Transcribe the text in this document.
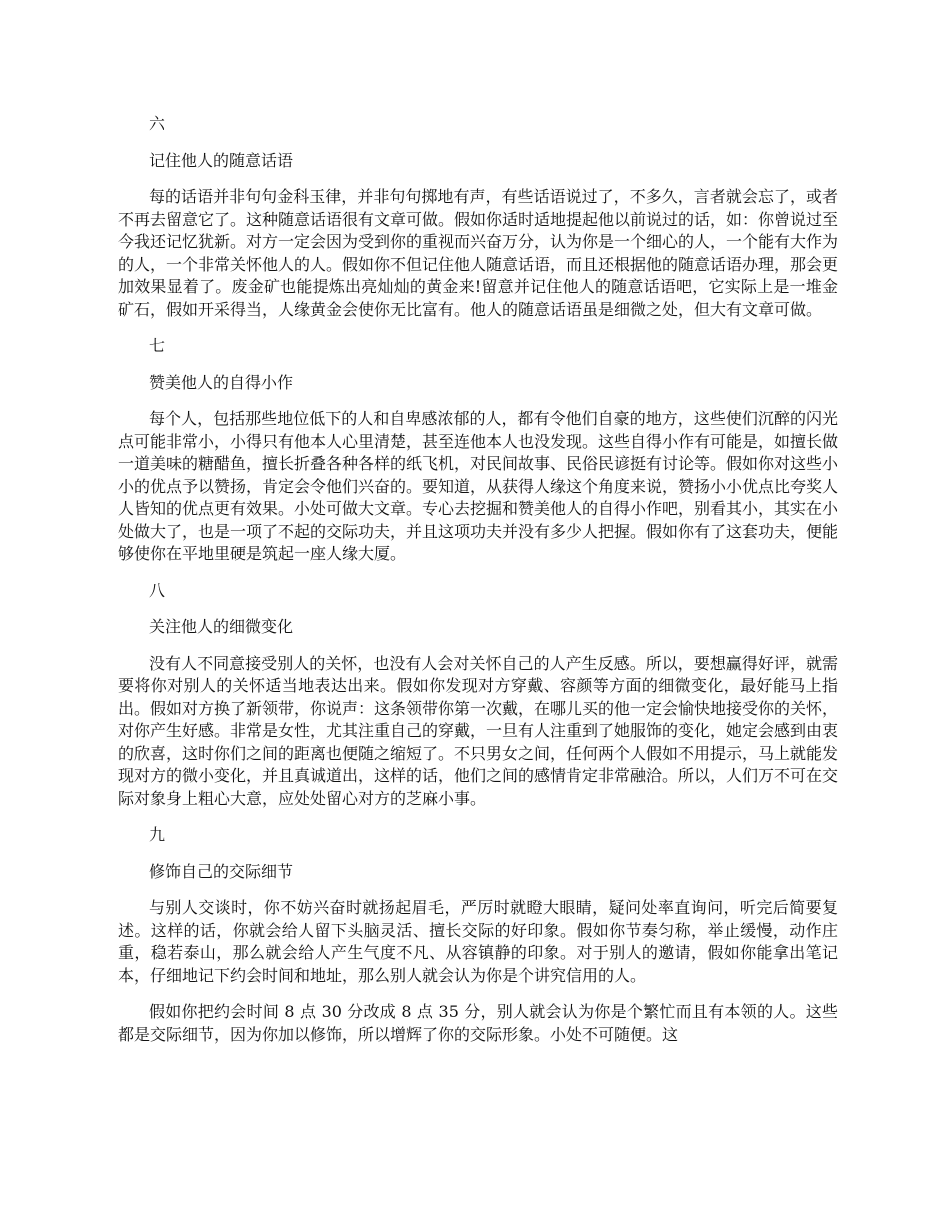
六

记住他人的随意话语

每的话语并非句句金科玉律，并非句句掷地有声，有些话语说过了，不多久，言者就会忘了，或者不再去留意它了。这种随意话语很有文章可做。假如你适时适地提起他以前说过的话，如：你曾说过至今我还记忆犹新。对方一定会因为受到你的重视而兴奋万分，认为你是一个细心的人，一个能有大作为的人，一个非常关怀他人的人。假如你不但记住他人随意话语，而且还根据他的随意话语办理，那会更加效果显着了。废金矿也能提炼出亮灿灿的黄金来!留意并记住他人的随意话语吧，它实际上是一堆金矿石，假如开采得当，人缘黄金会使你无比富有。他人的随意话语虽是细微之处，但大有文章可做。

七

赞美他人的自得小作

每个人，包括那些地位低下的人和自卑感浓郁的人，都有令他们自豪的地方，这些使们沉醉的闪光点可能非常小，小得只有他本人心里清楚，甚至连他本人也没发现。这些自得小作有可能是，如擅长做一道美味的糖醋鱼，擅长折叠各种各样的纸飞机，对民间故事、民俗民谚挺有讨论等。假如你对这些小小的优点予以赞扬，肯定会令他们兴奋的。要知道，从获得人缘这个角度来说，赞扬小小优点比夸奖人人皆知的优点更有效果。小处可做大文章。专心去挖掘和赞美他人的自得小作吧，别看其小，其实在小处做大了，也是一项了不起的交际功夫，并且这项功夫并没有多少人把握。假如你有了这套功夫，便能够使你在平地里硬是筑起一座人缘大厦。

八

关注他人的细微变化

没有人不同意接受别人的关怀，也没有人会对关怀自己的人产生反感。所以，要想赢得好评，就需要将你对别人的关怀适当地表达出来。假如你发现对方穿戴、容颜等方面的细微变化，最好能马上指出。假如对方换了新领带，你说声：这条领带你第一次戴，在哪儿买的他一定会愉快地接受你的关怀，对你产生好感。非常是女性，尤其注重自己的穿戴，一旦有人注重到了她服饰的变化，她定会感到由衷的欣喜，这时你们之间的距离也便随之缩短了。不只男女之间，任何两个人假如不用提示，马上就能发现对方的微小变化，并且真诚道出，这样的话，他们之间的感情肯定非常融洽。所以，人们万不可在交际对象身上粗心大意，应处处留心对方的芝麻小事。

九

修饰自己的交际细节

与别人交谈时，你不妨兴奋时就扬起眉毛，严厉时就瞪大眼睛，疑问处率直询问，听完后简要复述。这样的话，你就会给人留下头脑灵活、擅长交际的好印象。假如你节奏匀称，举止缓慢，动作庄重，稳若泰山，那么就会给人产生气度不凡、从容镇静的印象。对于别人的邀请，假如你能拿出笔记本，仔细地记下约会时间和地址，那么别人就会认为你是个讲究信用的人。

假如你把约会时间 8 点 30 分改成 8 点 35 分，别人就会认为你是个繁忙而且有本领的人。这些都是交际细节，因为你加以修饰，所以增辉了你的交际形象。小处不可随便。这
